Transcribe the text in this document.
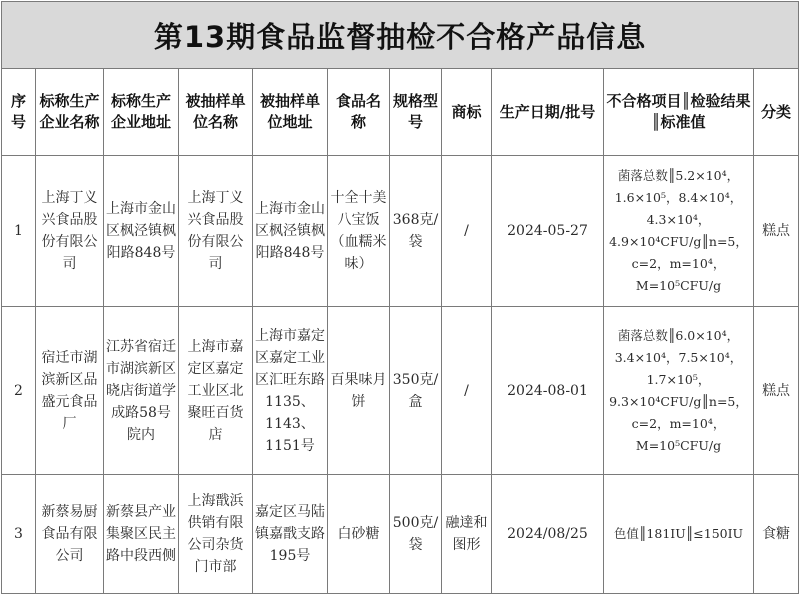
第13期食品监督抽检不合格产品信息										
序号	标称生产企业名称	标称生产企业地址	被抽样单位名称	被抽样单位地址	食品名称	规格型号	商标	生产日期/批号	不合格项目║检验结果║标准值	分类
1	上海丁义兴食品股份有限公司	上海市金山区枫泾镇枫阳路848号	上海丁义兴食品股份有限公司	上海市金山区枫泾镇枫阳路848号	十全十美八宝饭（血糯米味）	368克/袋	/	2024-05-27	菌落总数║5.2×10⁴，1.6×10⁵，8.4×10⁴，4.3×10⁴，4.9×10⁴CFU/g║n=5，c=2，m=10⁴，M=10⁵CFU/g	糕点
2	宿迁市湖滨新区品盛元食品厂	江苏省宿迁市湖滨新区晓店街道学成路58号院内	上海市嘉定区嘉定工业区北聚旺百货店	上海市嘉定区嘉定工业区汇旺东路1135、1143、1151号	百果味月饼	350克/盒	/	2024-08-01	菌落总数║6.0×10⁴，3.4×10⁴，7.5×10⁴，1.7×10⁵，9.3×10⁴CFU/g║n=5，c=2，m=10⁴，M=10⁵CFU/g	糕点
3	新蔡易厨食品有限公司	新蔡县产业集聚区民主路中段西侧	上海戬浜供销有限公司杂货门市部	嘉定区马陆镇嘉戬支路195号	白砂糖	500克/袋	融達和图形	2024/08/25	色值║181IU║≤150IU	食糖
